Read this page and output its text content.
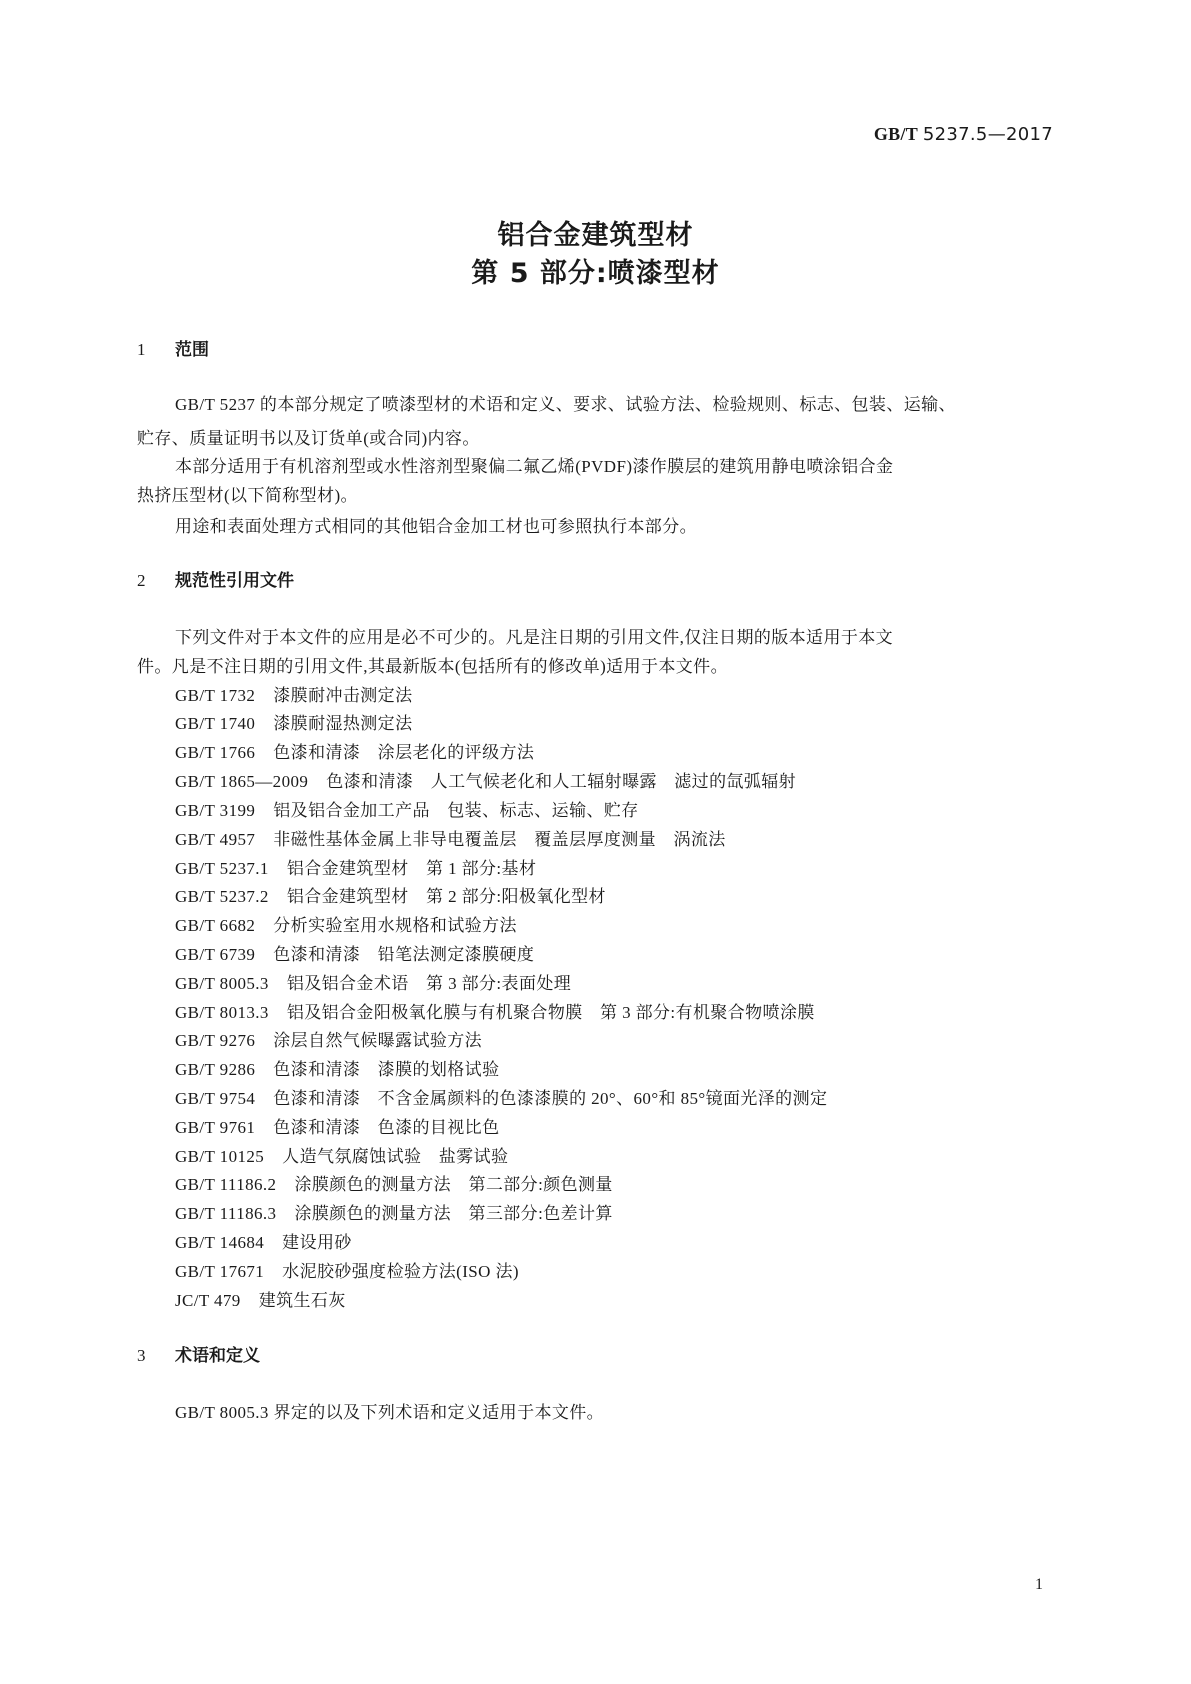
GB/T 5237.5—2017
铝合金建筑型材
第 5 部分:喷漆型材
1 范围
GB/T 5237 的本部分规定了喷漆型材的术语和定义、要求、试验方法、检验规则、标志、包装、运输、
贮存、质量证明书以及订货单(或合同)内容。
本部分适用于有机溶剂型或水性溶剂型聚偏二氟乙烯(PVDF)漆作膜层的建筑用静电喷涂铝合金
热挤压型材(以下简称型材)。
用途和表面处理方式相同的其他铝合金加工材也可参照执行本部分。
2 规范性引用文件
下列文件对于本文件的应用是必不可少的。凡是注日期的引用文件,仅注日期的版本适用于本文
件。凡是不注日期的引用文件,其最新版本(包括所有的修改单)适用于本文件。
GB/T 1732 漆膜耐冲击测定法
GB/T 1740 漆膜耐湿热测定法
GB/T 1766 色漆和清漆　涂层老化的评级方法
GB/T 1865—2009 色漆和清漆　人工气候老化和人工辐射曝露　滤过的氙弧辐射
GB/T 3199 铝及铝合金加工产品　包装、标志、运输、贮存
GB/T 4957 非磁性基体金属上非导电覆盖层　覆盖层厚度测量　涡流法
GB/T 5237.1 铝合金建筑型材　第 1 部分:基材
GB/T 5237.2 铝合金建筑型材　第 2 部分:阳极氧化型材
GB/T 6682 分析实验室用水规格和试验方法
GB/T 6739 色漆和清漆　铅笔法测定漆膜硬度
GB/T 8005.3 铝及铝合金术语　第 3 部分:表面处理
GB/T 8013.3 铝及铝合金阳极氧化膜与有机聚合物膜　第 3 部分:有机聚合物喷涂膜
GB/T 9276 涂层自然气候曝露试验方法
GB/T 9286 色漆和清漆　漆膜的划格试验
GB/T 9754 色漆和清漆　不含金属颜料的色漆漆膜的 20°、60°和 85°镜面光泽的测定
GB/T 9761 色漆和清漆　色漆的目视比色
GB/T 10125 人造气氛腐蚀试验　盐雾试验
GB/T 11186.2 涂膜颜色的测量方法　第二部分:颜色测量
GB/T 11186.3 涂膜颜色的测量方法　第三部分:色差计算
GB/T 14684 建设用砂
GB/T 17671 水泥胶砂强度检验方法(ISO 法)
JC/T 479 建筑生石灰
3 术语和定义
GB/T 8005.3 界定的以及下列术语和定义适用于本文件。
1
